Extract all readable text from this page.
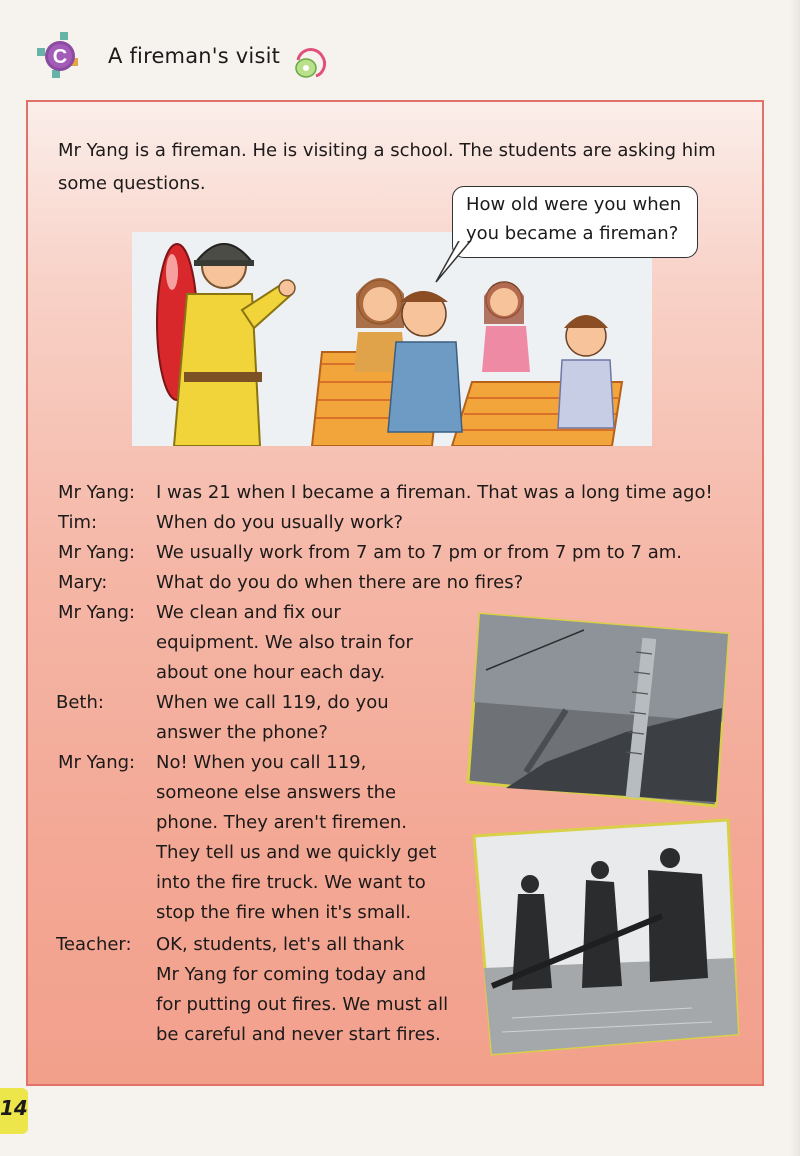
C A fireman's visit
Mr Yang is a fireman. He is visiting a school. The students are asking him some questions.
How old were you when you became a fireman?
Mr Yang: I was 21 when I became a fireman. That was a long time ago!
Tim:	When do you usually work?
Mr Yang: We usually work from 7 am to 7 pm or from 7 pm to 7 am.
Mary:	What do you do when there are no fires?
Mr Yang: We clean and fix our
equipment. We also train for
about one hour each day.
Beth:	When we call 119, do you
answer the phone?
Mr Yang: No! When you call 119,
someone else answers the
phone. They aren't firemen.
They tell us and we quickly get
into the fire truck. We want to
stop the fire when it's small.
Teacher: OK, students, let's all thank
Mr Yang for coming today and
for putting out fires. We must all
be careful and never start fires.
14
